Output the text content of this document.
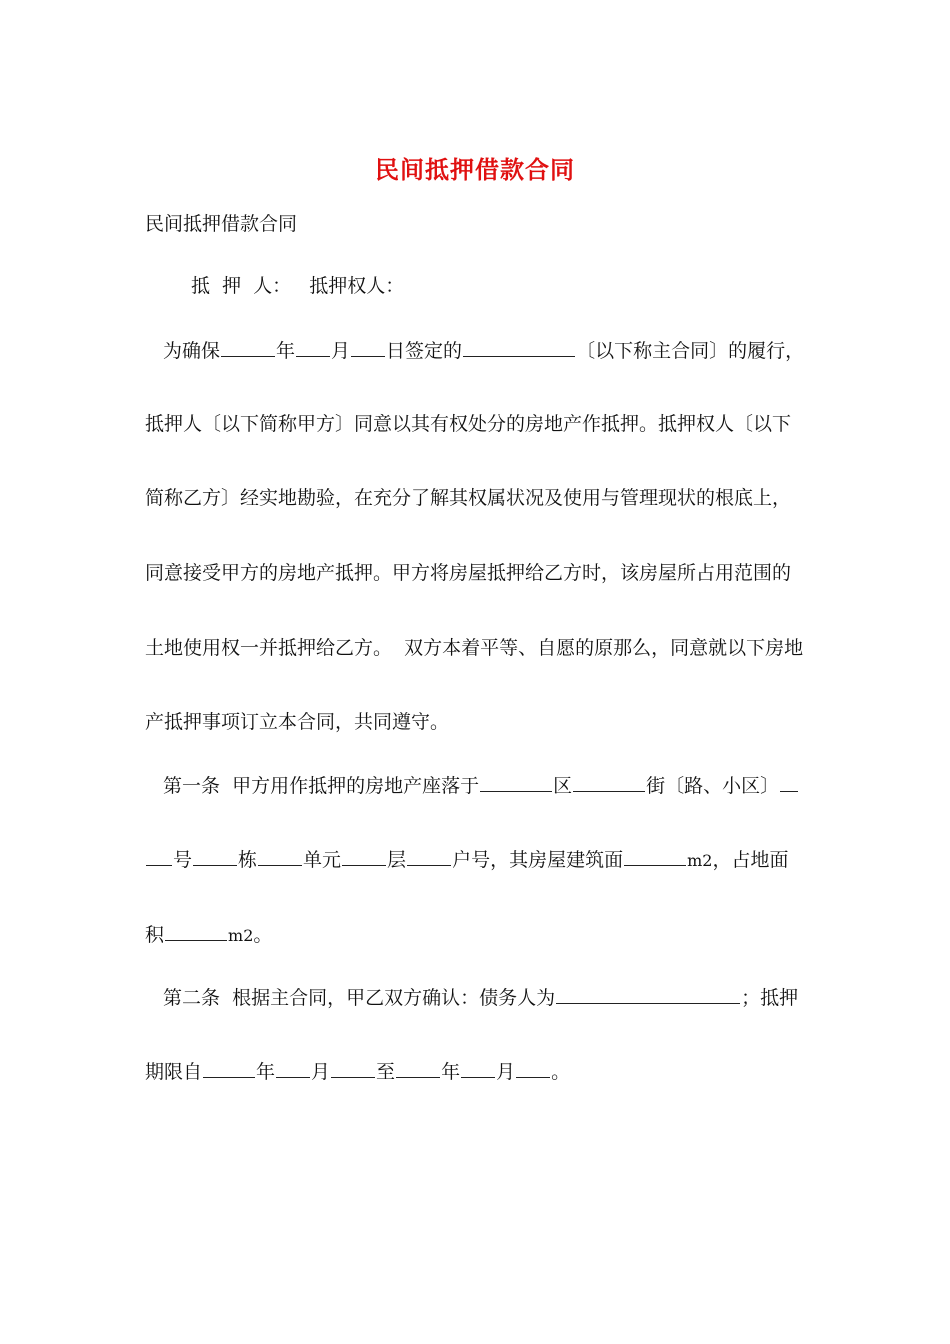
民间抵押借款合同
民间抵押借款合同
抵  押  人：   抵押权人：
为确保	年 月 日签定的	〔以下称主合同〕的履行，
抵押人〔以下简称甲方〕同意以其有权处分的房地产作抵押。抵押权人〔以下
简称乙方〕经实地勘验，在充分了解其权属状况及使用与管理现状的根底上，
同意接受甲方的房地产抵押。甲方将房屋抵押给乙方时，该房屋所占用范围的
土地使用权一并抵押给乙方。  双方本着平等、自愿的原那么，同意就以下房地
产抵押事项订立本合同，共同遵守。
第一条  甲方用作抵押的房地产座落于	区	街〔路、小区〕
号 栋 单元 层 户号，其房屋建筑面	m2，占地面
积	m2。
第二条  根据主合同，甲乙双方确认：债务人为	；抵押
期限自	年 月 至 年 月 。
